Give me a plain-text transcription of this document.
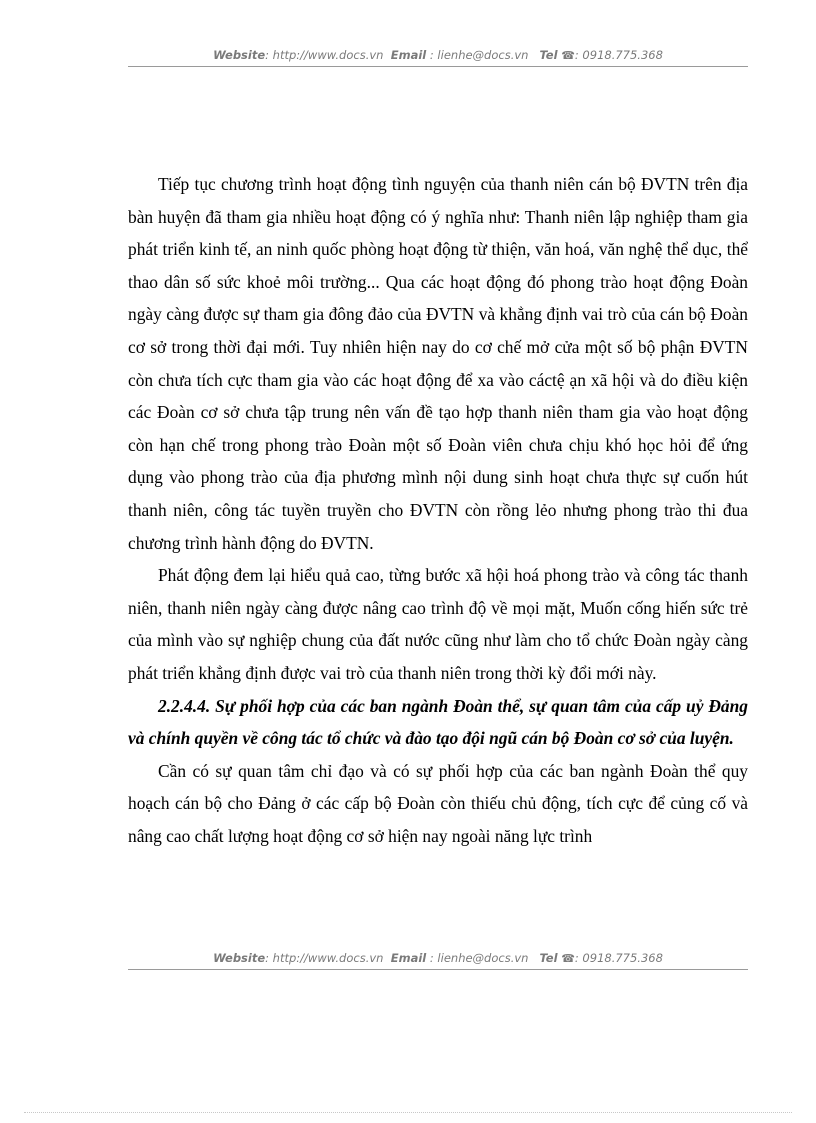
Website: http://www.docs.vn Email : lienhe@docs.vn Tel ☎: 0918.775.368

Tiếp tục chương trình hoạt động tình nguyện của thanh niên cán bộ ĐVTN trên địa bàn huyện đã tham gia nhiều hoạt động có ý nghĩa như: Thanh niên lập nghiệp tham gia phát triển kinh tế, an ninh quốc phòng hoạt động từ thiện, văn hoá, văn nghệ thể dục, thể thao dân số sức khoẻ môi trường... Qua các hoạt động đó phong trào hoạt động Đoàn ngày càng được sự tham gia đông đảo của ĐVTN và khẳng định vai trò của cán bộ Đoàn cơ sở trong thời đại mới. Tuy nhiên hiện nay do cơ chế mở cửa một số bộ phận ĐVTN còn chưa tích cực tham gia vào các hoạt động để xa vào cáctệ ạn xã hội và do điều kiện các Đoàn cơ sở chưa tập trung nên vấn đề tạo hợp thanh niên tham gia vào hoạt động còn hạn chế trong phong trào Đoàn một số Đoàn viên chưa chịu khó học hỏi để ứng dụng vào phong trào của địa phương mình nội dung sinh hoạt chưa thực sự cuốn hút thanh niên, công tác tuyền truyền cho ĐVTN còn rồng lẻo nhưng phong trào thi đua chương trình hành động do ĐVTN.

Phát động đem lại hiểu quả cao, từng bước xã hội hoá phong trào và công tác thanh niên, thanh niên ngày càng được nâng cao trình độ về mọi mặt, Muốn cống hiến sức trẻ của mình vào sự nghiệp chung của đất nước cũng như làm cho tổ chức Đoàn ngày càng phát triển khẳng định được vai trò của thanh niên trong thời kỳ đổi mới này.

2.2.4.4. Sự phối hợp của các ban ngành Đoàn thể, sự quan tâm của cấp uỷ Đảng và chính quyền về công tác tổ chức và đào tạo đội ngũ cán bộ Đoàn cơ sở của luyện.

Cần có sự quan tâm chỉ đạo và có sự phối hợp của các ban ngành Đoàn thể quy hoạch cán bộ cho Đảng ở các cấp bộ Đoàn còn thiếu chủ động, tích cực để củng cố và nâng cao chất lượng hoạt động cơ sở hiện nay ngoài năng lực trình

Website: http://www.docs.vn Email : lienhe@docs.vn Tel ☎: 0918.775.368
